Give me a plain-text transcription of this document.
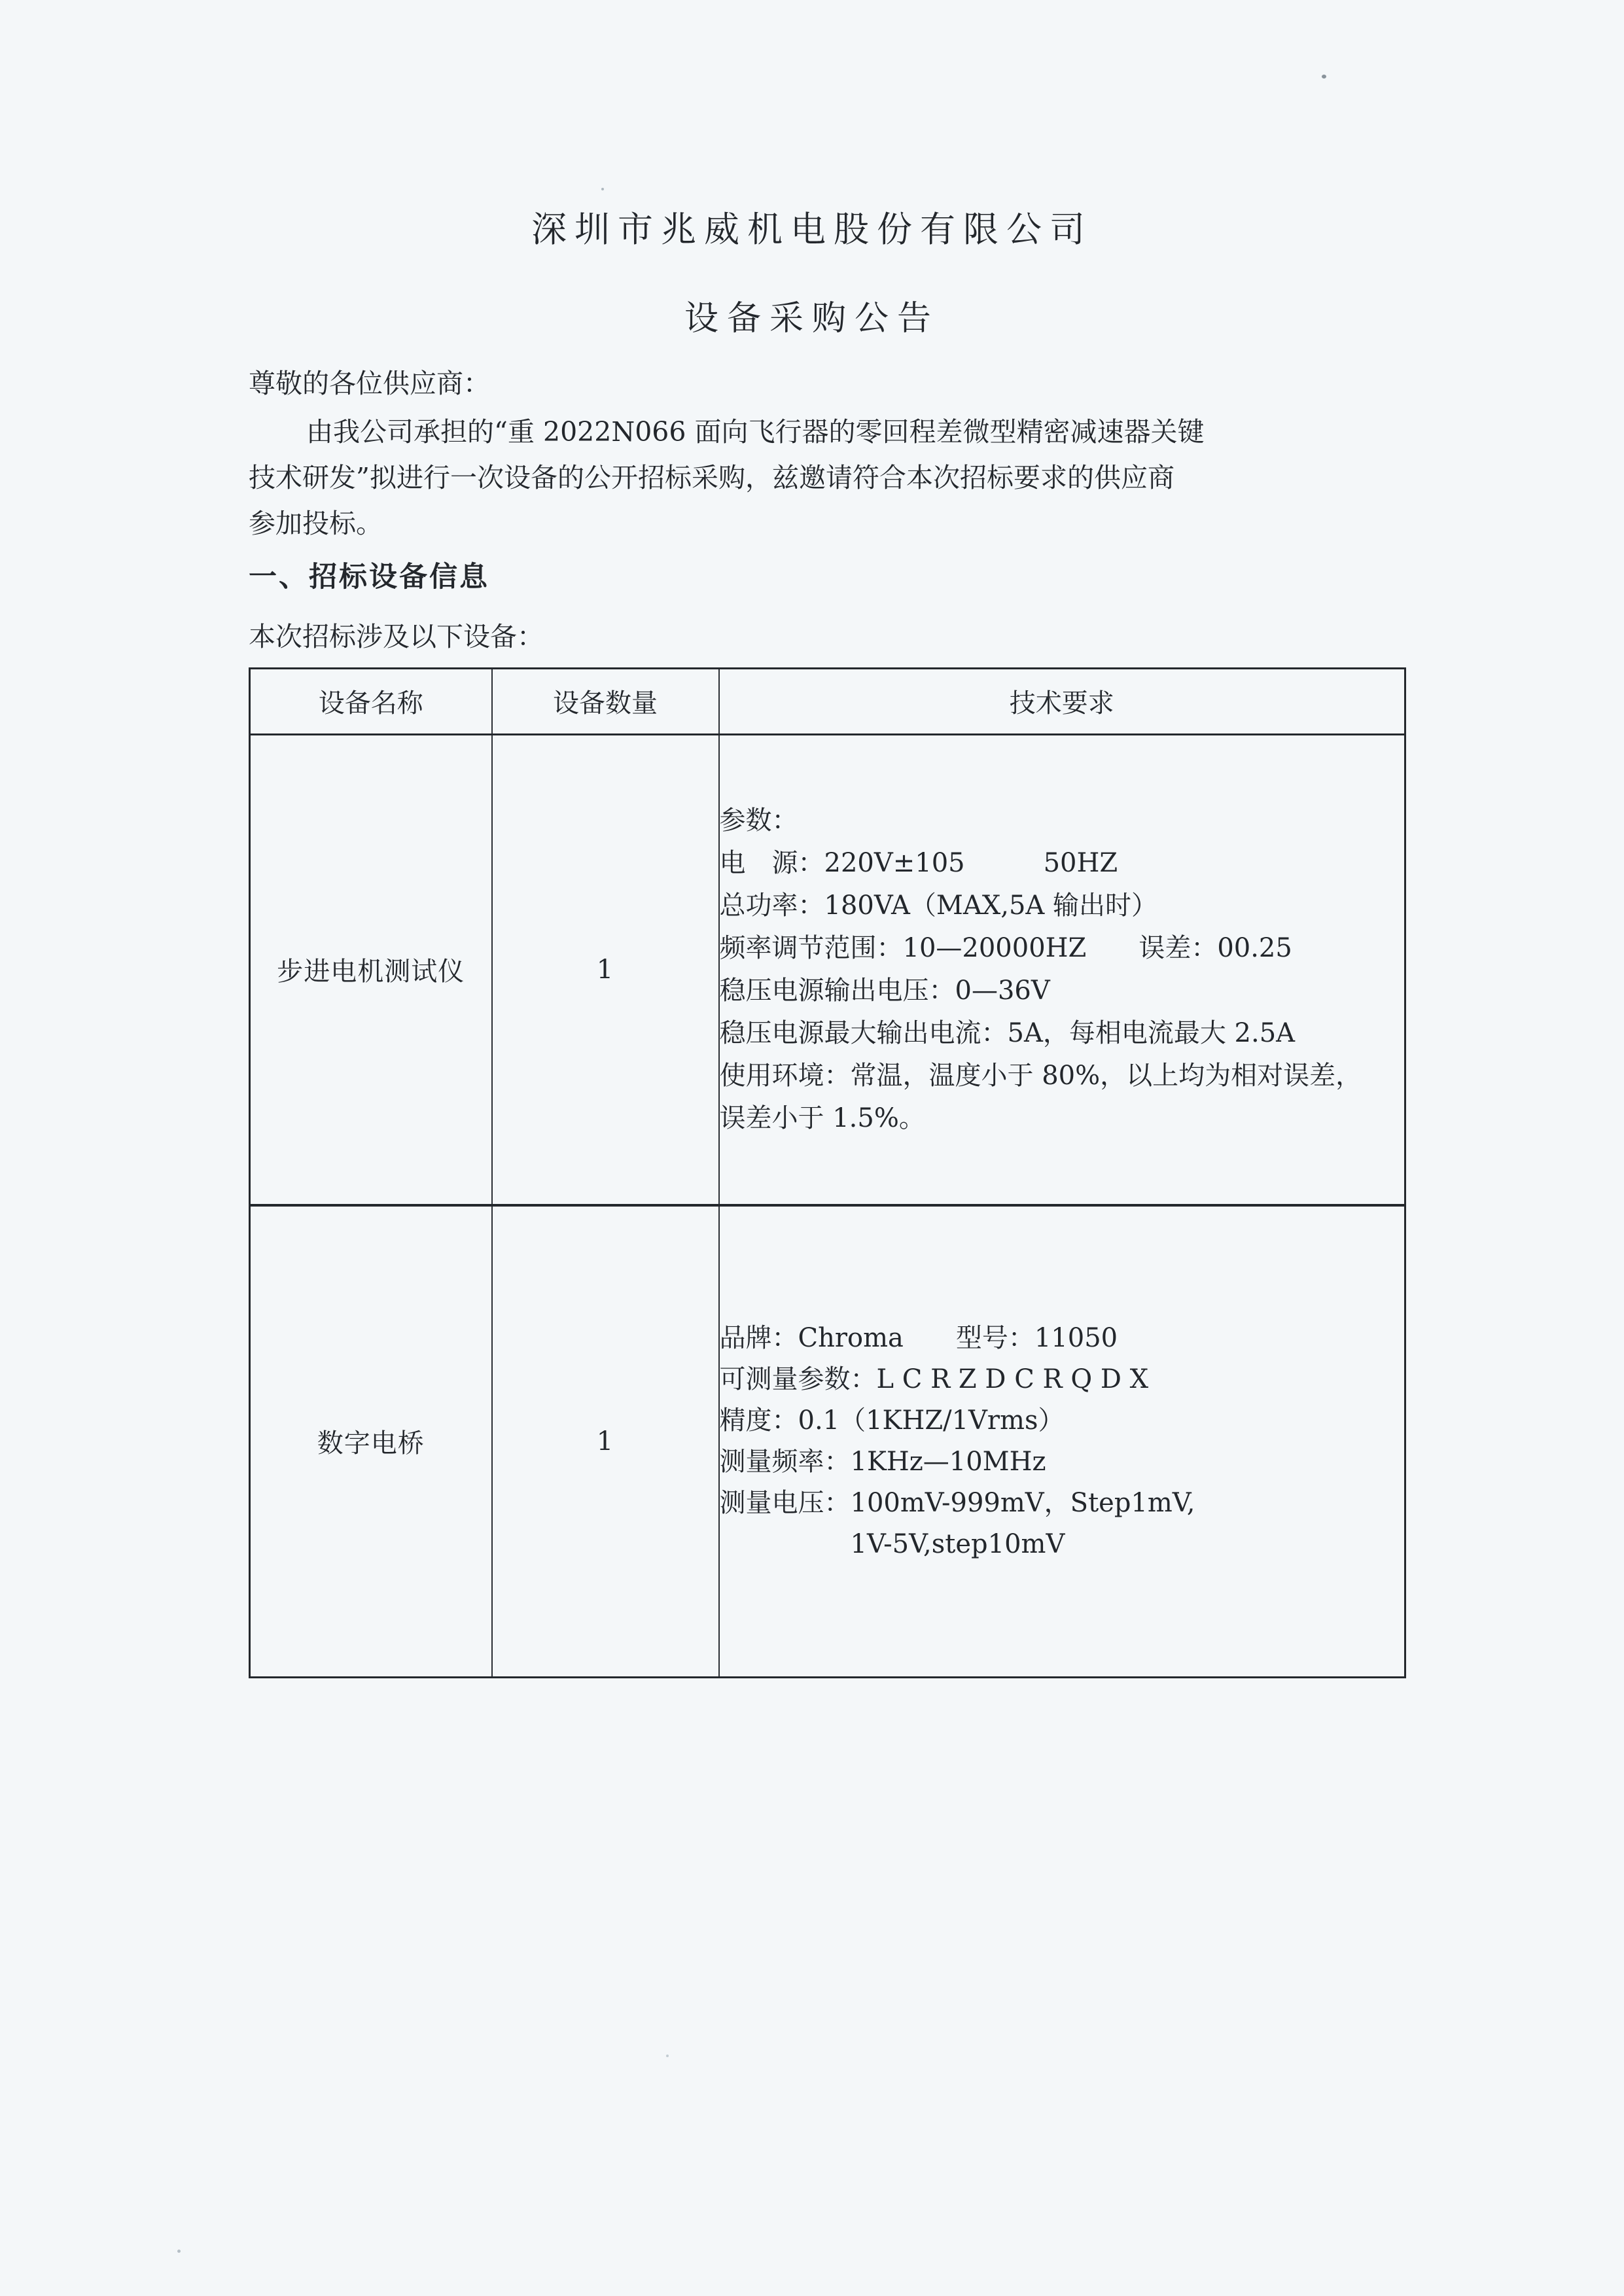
深圳市兆威机电股份有限公司
设备采购公告
尊敬的各位供应商：
由我公司承担的“重 2022N066 面向飞行器的零回程差微型精密减速器关键
技术研发”拟进行一次设备的公开招标采购，兹邀请符合本次招标要求的供应商
参加投标。
一、招标设备信息
本次招标涉及以下设备：
设备名称	设备数量	技术要求
步进电机测试仪	1	
参数：
电　源：220V±105　　　50HZ
总功率：180VA（MAX,5A 输出时）
频率调节范围：10—20000HZ　　误差：00.25
稳压电源输出电压：0—36V
稳压电源最大输出电流：5A，每相电流最大 2.5A
使用环境：常温，温度小于 80%，以上均为相对误差，
误差小于 1.5%。

数字电桥	1	
品牌：Chroma　　型号：11050
可测量参数：L C R Z D C R Q D X
精度：0.1（1KHZ/1Vrms）
测量频率：1KHz—10MHz
测量电压：100mV-999mV，Step1mV,
　　　　　1V-5V,step10mV
